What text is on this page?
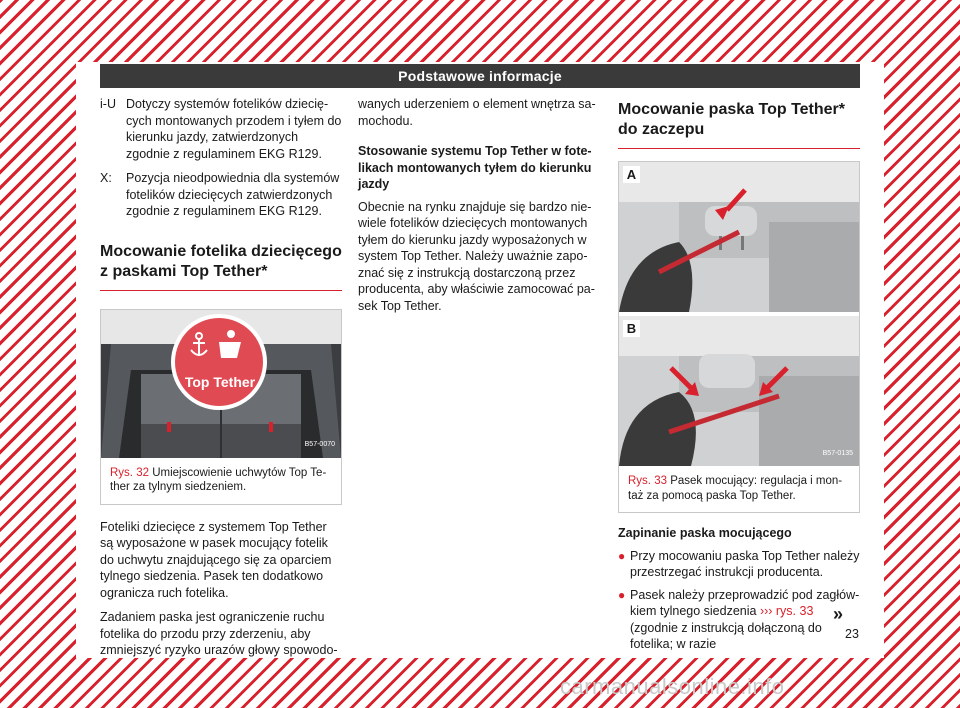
Podstawowe informacje
i-U Dotyczy systemów fotelików dziecię-cych montowanych przodem i tyłem do kierunku jazdy, zatwierdzonych zgodnie z regulaminem EKG R129.
X:	Pozycja nieodpowiednia dla systemów fotelików dziecięcych zatwierdzonych zgodnie z regulaminem EKG R129.
Mocowanie fotelika dziecięcego z paskami Top Tether*
Top Tether
B57-0070
Rys. 32 Umiejscowienie uchwytów Top Te-ther za tylnym siedzeniem.

Foteliki dziecięce z systemem Top Tether są wyposażone w pasek mocujący fotelik do uchwytu znajdującego się za oparciem tylnego siedzenia. Pasek ten dodatkowo ogranicza ruch fotelika.

Zadaniem paska jest ograniczenie ruchu fotelika do przodu przy zderzeniu, aby zmniejszyć ryzyko urazów głowy spowodo-

wanych uderzeniem o element wnętrza sa-mochodu.

Stosowanie systemu Top Tether w fote-likach montowanych tyłem do kierunku jazdy

Obecnie na rynku znajduje się bardzo nie-wiele fotelików dziecięcych montowanych tyłem do kierunku jazdy wyposażonych w system Top Tether. Należy uważnie zapo-znać się z instrukcją dostarczoną przez producenta, aby właściwie zamocować pa-sek Top Tether.

Mocowanie paska Top Tether* do zaczepu
A
B
B57-0135
Rys. 33 Pasek mocujący: regulacja i mon-taż za pomocą paska Top Tether.
Zapinanie paska mocującego
● Przy mocowaniu paska Top Tether należy przestrzegać instrukcji producenta.
● Pasek należy przeprowadzić pod zagłów-kiem tylnego siedzenia ››› rys. 33 (zgodnie z instrukcją dołączoną do fotelika; w razie
»
23
carmanualsonline.info
